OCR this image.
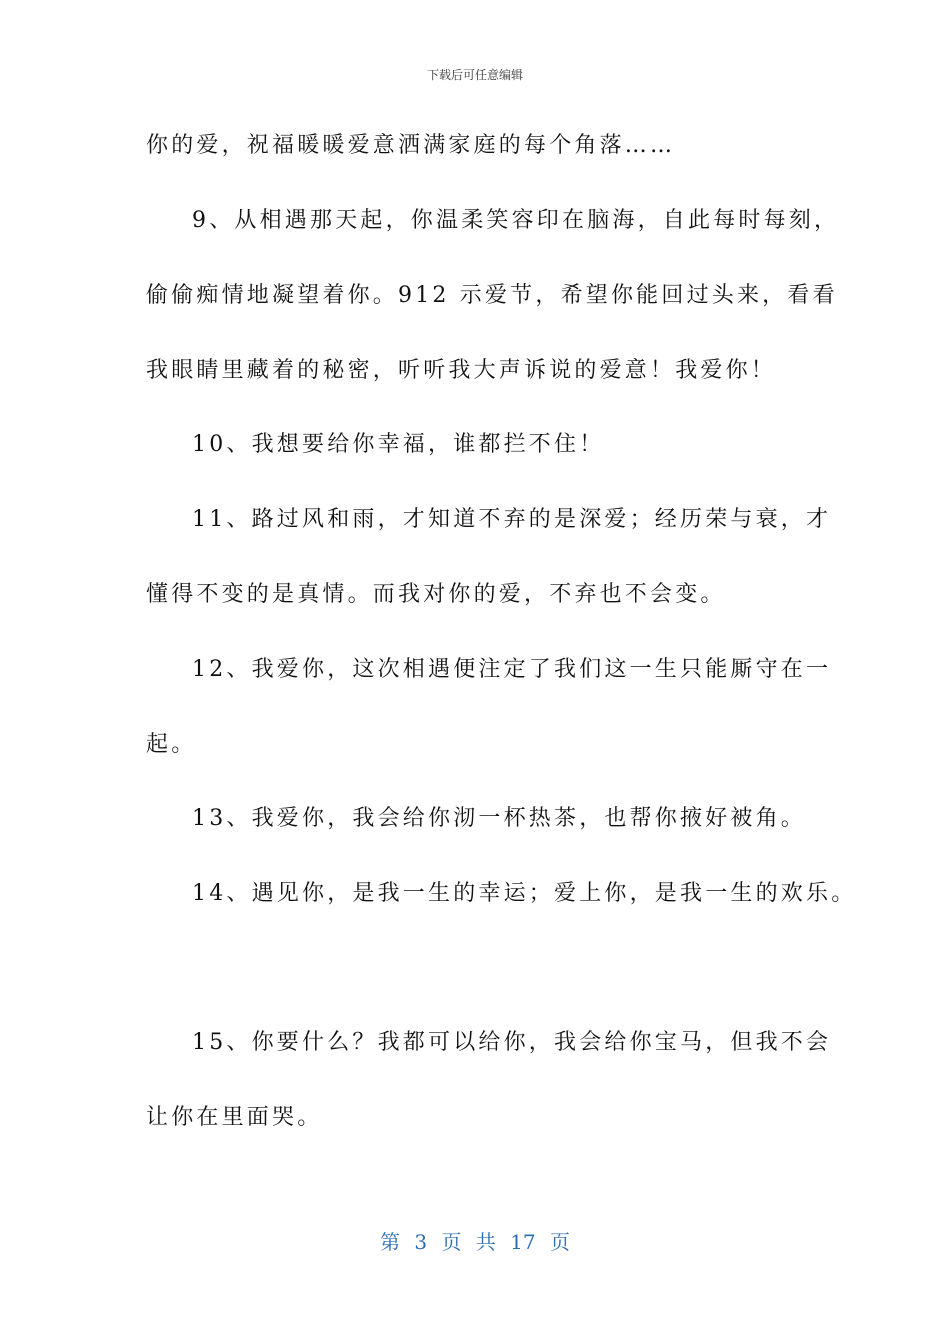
下载后可任意编辑
你的爱，祝福暖暖爱意洒满家庭的每个角落……
9、从相遇那天起，你温柔笑容印在脑海，自此每时每刻，
偷偷痴情地凝望着你。912 示爱节，希望你能回过头来，看看
我眼睛里藏着的秘密，听听我大声诉说的爱意！我爱你！
10、我想要给你幸福，谁都拦不住！
11、路过风和雨，才知道不弃的是深爱；经历荣与衰，才
懂得不变的是真情。而我对你的爱，不弃也不会变。
12、我爱你，这次相遇便注定了我们这一生只能厮守在一
起。
13、我爱你，我会给你沏一杯热茶，也帮你掖好被角。
14、遇见你，是我一生的幸运；爱上你，是我一生的欢乐。
15、你要什么？我都可以给你，我会给你宝马，但我不会
让你在里面哭。
第 3 页 共 17 页
